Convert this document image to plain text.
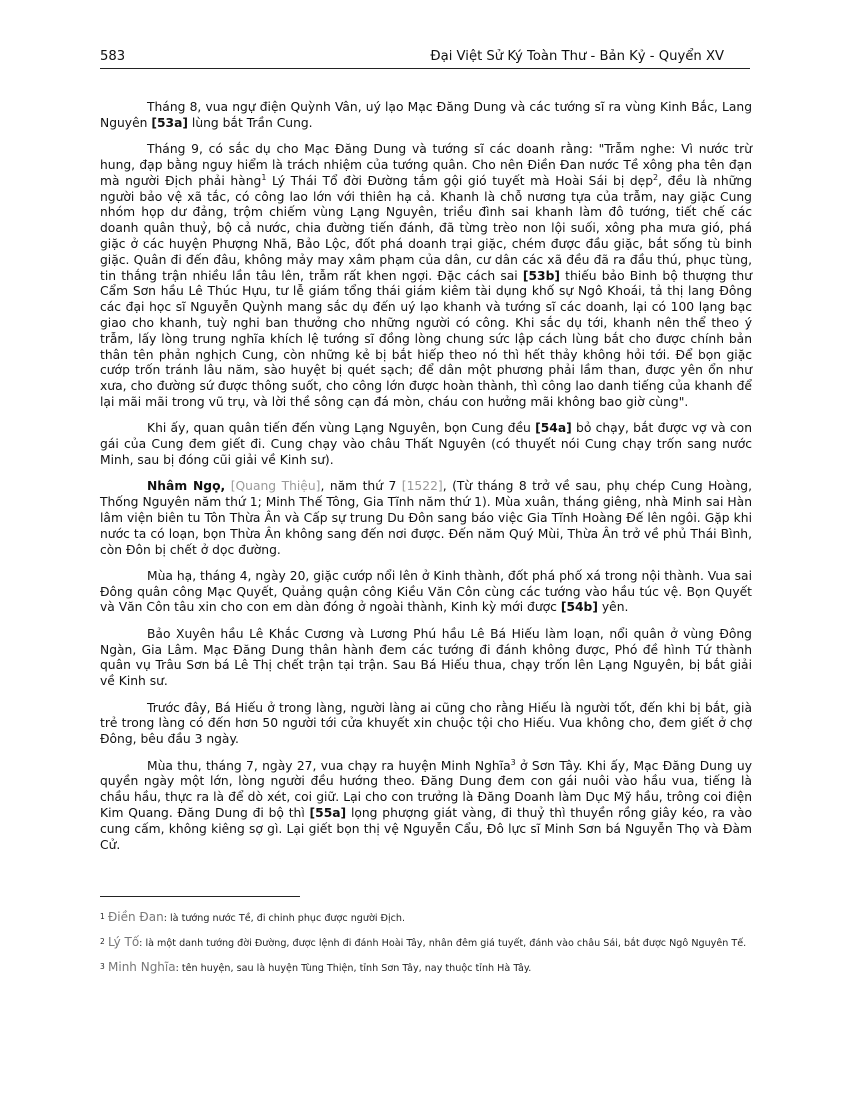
583	Đại Việt Sử Ký Toàn Thư - Bản Kỷ - Quyển XV

Tháng 8, vua ngự điện Quỳnh Vân, uý lạo Mạc Đăng Dung và các tướng sĩ ra vùng Kinh Bắc, Lang Nguyên [53a] lùng bắt Trần Cung.

Tháng 9, có sắc dụ cho Mạc Đăng Dung và tướng sĩ các doanh rằng: "Trẫm nghe: Vì nước trừ hung, đạp bằng nguy hiểm là trách nhiệm của tướng quân. Cho nên Điền Đan nước Tề xông pha tên đạn mà người Địch phải hàng$^1$ Lý Thái Tổ đời Đường tắm gội gió tuyết mà Hoài Sái bị dẹp$^2$, đều là những người bảo vệ xã tắc, có công lao lớn với thiên hạ cả. Khanh là chỗ nương tựa của trẫm, nay giặc Cung nhóm họp dư đảng, trộm chiếm vùng Lạng Nguyên, triều đình sai khanh làm đô tướng, tiết chế các doanh quân thuỷ, bộ cả nước, chia đường tiến đánh, đã từng trèo non lội suối, xông pha mưa gió, phá giặc ở các huyện Phượng Nhã, Bảo Lộc, đốt phá doanh trại giặc, chém được đầu giặc, bắt sống tù binh giặc. Quân đi đến đâu, không mảy may xâm phạm của dân, cư dân các xã đều đã ra đầu thú, phục tùng, tin thắng trận nhiều lần tâu lên, trẫm rất khen ngợi. Đặc cách sai [53b] thiếu bảo Binh bộ thượng thư Cẩm Sơn hầu Lê Thúc Hựu, tư lễ giám tổng thái giám kiêm tài dụng khố sự Ngô Khoái, tả thị lang Đông các đại học sĩ Nguyễn Quỳnh mang sắc dụ đến uý lạo khanh và tướng sĩ các doanh, lại có 100 lạng bạc giao cho khanh, tuỳ nghi ban thưởng cho những người có công. Khi sắc dụ tới, khanh nên thể theo ý trẫm, lấy lòng trung nghĩa khích lệ tướng sĩ đồng lòng chung sức lập cách lùng bắt cho được chính bản thân tên phản nghịch Cung, còn những kẻ bị bắt hiếp theo nó thì hết thảy không hỏi tới. Để bọn giặc cướp trốn tránh lâu năm, sào huyệt bị quét sạch; để dân một phương phải lầm than, được yên ổn như xưa, cho đường sứ được thông suốt, cho công lớn được hoàn thành, thì công lao danh tiếng của khanh để lại mãi mãi trong vũ trụ, và lời thề sông cạn đá mòn, cháu con hưởng mãi không bao giờ cùng".

Khi ấy, quan quân tiến đến vùng Lạng Nguyên, bọn Cung đều [54a] bỏ chạy, bắt được vợ và con gái của Cung đem giết đi. Cung chạy vào châu Thất Nguyên (có thuyết nói Cung chạy trốn sang nước Minh, sau bị đóng cũi giải về Kinh sư).

Nhâm Ngọ, [Quang Thiệu], năm thứ 7 [1522], (Từ tháng 8 trở về sau, phụ chép Cung Hoàng, Thống Nguyên năm thứ 1; Minh Thế Tông, Gia Tĩnh năm thứ 1). Mùa xuân, tháng giêng, nhà Minh sai Hàn lâm viện biên tu Tôn Thừa Ân và Cấp sự trung Du Đôn sang báo việc Gia Tĩnh Hoàng Đế lên ngôi. Gặp khi nước ta có loạn, bọn Thừa Ân không sang đến nơi được. Đến năm Quý Mùi, Thừa Ân trở về phủ Thái Bình, còn Đôn bị chết ở dọc đường.

Mùa hạ, tháng 4, ngày 20, giặc cướp nổi lên ở Kinh thành, đốt phá phố xá trong nội thành. Vua sai Đông quân công Mạc Quyết, Quảng quận công Kiều Văn Côn cùng các tướng vào hầu túc vệ. Bọn Quyết và Văn Côn tâu xin cho con em dàn đóng ở ngoài thành, Kinh kỳ mới được [54b] yên.

Bảo Xuyên hầu Lê Khắc Cương và Lương Phú hầu Lê Bá Hiếu làm loạn, nổi quân ở vùng Đông Ngàn, Gia Lâm. Mạc Đăng Dung thân hành đem các tướng đi đánh không được, Phó đề hình Tứ thành quân vụ Trâu Sơn bá Lê Thị chết trận tại trận. Sau Bá Hiếu thua, chạy trốn lên Lạng Nguyên, bị bắt giải về Kinh sư.

Trước đây, Bá Hiếu ở trong làng, người làng ai cũng cho rằng Hiếu là người tốt, đến khi bị bắt, già trẻ trong làng có đến hơn 50 người tới cửa khuyết xin chuộc tội cho Hiếu. Vua không cho, đem giết ở chợ Đông, bêu đầu 3 ngày.

Mùa thu, tháng 7, ngày 27, vua chạy ra huyện Minh Nghĩa$^3$ ở Sơn Tây. Khi ấy, Mạc Đăng Dung uy quyền ngày một lớn, lòng người đều hướng theo. Đăng Dung đem con gái nuôi vào hầu vua, tiếng là chầu hầu, thực ra là để dò xét, coi giữ. Lại cho con trưởng là Đăng Doanh làm Dục Mỹ hầu, trông coi điện Kim Quang. Đăng Dung đi bộ thì [55a] lọng phượng giát vàng, đi thuỷ thì thuyền rồng giây kéo, ra vào cung cấm, không kiêng sợ gì. Lại giết bọn thị vệ Nguyễn Cẩu, Đô lực sĩ Minh Sơn bá Nguyễn Thọ và Đàm Cử.

1 Điền Đan: là tướng nước Tề, đi chinh phục được người Địch.
2 Lý Tố: là một danh tướng đời Đường, được lệnh đi đánh Hoài Tây, nhân đêm giá tuyết, đánh vào châu Sái, bắt được Ngô Nguyên Tế.
3 Minh Nghĩa: tên huyện, sau là huyện Tùng Thiện, tỉnh Sơn Tây, nay thuộc tỉnh Hà Tây.
